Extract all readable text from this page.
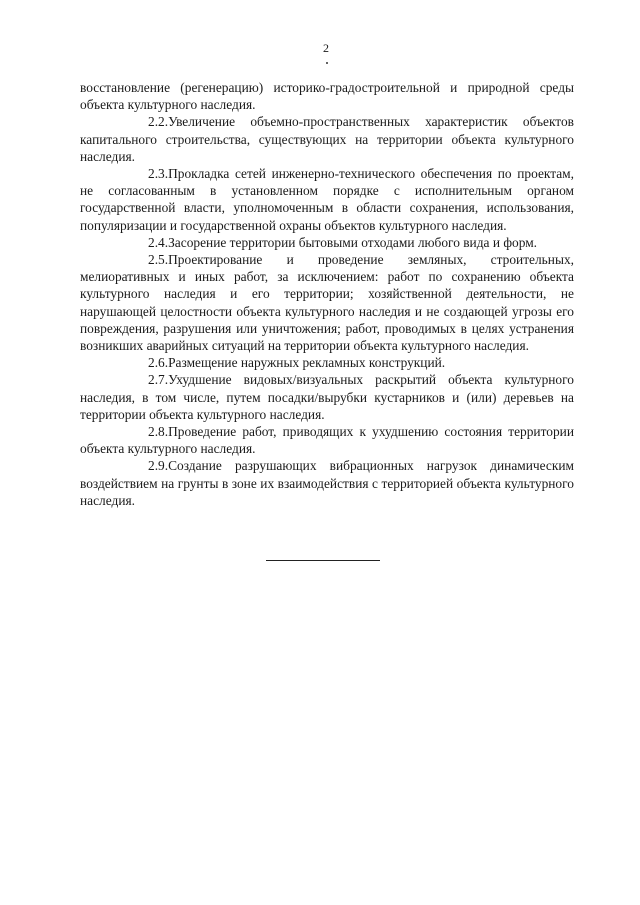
2

восстановление (регенерацию) историко-градостроительной и природной среды объекта культурного наследия.

2.2.Увеличение объемно-пространственных характеристик объектов капитального строительства, существующих на территории объекта культурного наследия.

2.3.Прокладка сетей инженерно-технического обеспечения по проектам, не согласованным в установленном порядке с исполнительным органом государственной власти, уполномоченным в области сохранения, использования, популяризации и государственной охраны объектов культурного наследия.

2.4.Засорение территории бытовыми отходами любого вида и форм.

2.5.Проектирование и проведение земляных, строительных, мелиоративных и иных работ, за исключением: работ по сохранению объекта культурного наследия и его территории; хозяйственной деятельности, не нарушающей целостности объекта культурного наследия и не создающей угрозы его повреждения, разрушения или уничтожения; работ, проводимых в целях устранения возникших аварийных ситуаций на территории объекта культурного наследия.

2.6.Размещение наружных рекламных конструкций.

2.7.Ухудшение видовых/визуальных раскрытий объекта культурного наследия, в том числе, путем посадки/вырубки кустарников и (или) деревьев на территории объекта культурного наследия.

2.8.Проведение работ, приводящих к ухудшению состояния территории объекта культурного наследия.

2.9.Создание разрушающих вибрационных нагрузок динамическим воздействием на грунты в зоне их взаимодействия с территорией объекта культурного наследия.
